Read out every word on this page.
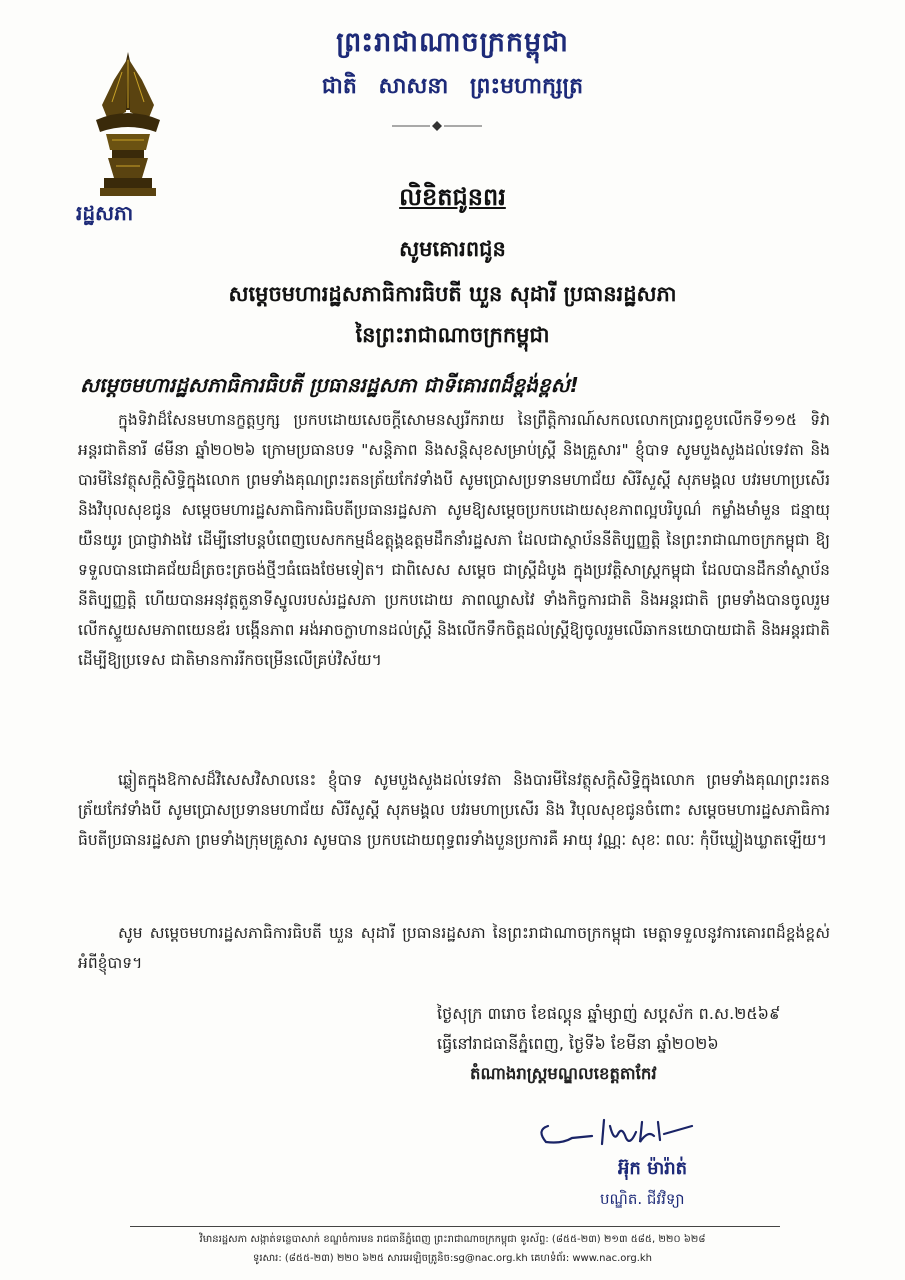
រដ្ឋសភា
ព្រះរាជាណាចក្រកម្ពុជា
ជាតិ សាសនា ព្រះមហាក្សត្រ
លិខិតជូនពរ
សូមគោរពជូន
សម្តេចមហារដ្ឋសភាធិការធិបតី ឃួន សុដារី ប្រធានរដ្ឋសភា
នៃព្រះរាជាណាចក្រកម្ពុជា
សម្តេចមហារដ្ឋសភាធិការធិបតី ប្រធានរដ្ឋសភា ជាទីគោរពដ៏ខ្ពង់ខ្ពស់!

ក្នុងទិវាដ៏សែនមហានក្ខត្តឫក្ស ប្រកបដោយសេចក្តីសោមនស្សរីករាយ នៃព្រឹត្តិការណ៍សកលលោកប្រារព្ធខួបលើកទី១១៥ ទិវាអន្តរជាតិនារី ៨មីនា ឆ្នាំ២០២៦ ក្រោមប្រធានបទ "សន្តិភាព និងសន្តិសុខសម្រាប់ស្ត្រី និងគ្រួសារ" ខ្ញុំបាទ សូមបួងសួងដល់ទេវតា និងបារមីនៃវត្ថុសក្តិសិទ្ធិក្នុងលោក ព្រមទាំងគុណព្រះរតនត្រ័យកែវទាំងបី សូមប្រោសប្រទានមហាជ័យ សិរីសួស្តី សុភមង្គល បវរមហាប្រសើរ និងវិបុលសុខជូន សម្តេចមហារដ្ឋសភាធិការធិបតីប្រធានរដ្ឋសភា សូមឱ្យសម្តេចប្រកបដោយសុខភាពល្អបរិបូណ៌ កម្លាំងមាំមួន ជន្មាយុ យឺនយូរ ប្រាជ្ញាវាងវៃ ដើម្បីនៅបន្តបំពេញបេសកកម្មដ៏ឧត្តុង្គឧត្តមដឹកនាំរដ្ឋសភា ដែលជាស្ថាប័ននីតិប្បញ្ញត្តិ នៃព្រះរាជាណាចក្រកម្ពុជា ឱ្យទទួលបានជោគជ័យដ៏ត្រចះត្រចង់ថ្មីៗធំធេងថែមទៀត។ ជាពិសេស សម្តេច ជាស្ត្រីដំបូង ក្នុងប្រវត្តិសាស្ត្រកម្ពុជា ដែលបានដឹកនាំស្ថាប័ននីតិប្បញ្ញត្តិ ហើយបានអនុវត្តតួនាទីស្នូលរបស់រដ្ឋសភា ប្រកបដោយ ភាពឈ្លាសវៃ ទាំងកិច្ចការជាតិ និងអន្តរជាតិ ព្រមទាំងបានចូលរួមលើកស្ទួយសមភាពយេនឌ័រ បង្កើនភាព អង់អាចក្លាហានដល់ស្ត្រី និងលើកទឹកចិត្តដល់ស្ត្រីឱ្យចូលរួមលើឆាកនយោបាយជាតិ និងអន្តរជាតិ ដើម្បីឱ្យប្រទេស ជាតិមានការរីកចម្រើនលើគ្រប់វិស័យ។

ឆ្លៀតក្នុងឱកាសដ៏វិសេសវិសាលនេះ ខ្ញុំបាទ សូមបួងសួងដល់ទេវតា និងបារមីនៃវត្ថុសក្តិសិទ្ធិក្នុងលោក ព្រមទាំងគុណព្រះរតនត្រ័យកែវទាំងបី សូមប្រោសប្រទានមហាជ័យ សិរីសួស្តី សុភមង្គល បវរមហាប្រសើរ និង វិបុលសុខជូនចំពោះ សម្តេចមហារដ្ឋសភាធិការធិបតីប្រធានរដ្ឋសភា ព្រមទាំងក្រុមគ្រួសារ សូមបាន ប្រកបដោយពុទ្ធពរទាំងបួនប្រការគឺ អាយុ វណ្ណៈ សុខៈ ពលៈ កុំបីឃ្លៀងឃ្លាតឡើយ។

សូម សម្តេចមហារដ្ឋសភាធិការធិបតី ឃួន សុដារី ប្រធានរដ្ឋសភា នៃព្រះរាជាណាចក្រកម្ពុជា មេត្តាទទួលនូវការគោរពដ៏ខ្ពង់ខ្ពស់អំពីខ្ញុំបាទ។

ថ្ងៃសុក្រ ៣រោច ខែផល្គុន ឆ្នាំម្សាញ់ សប្តស័ក ព.ស.២៥៦៩
ធ្វើនៅរាជធានីភ្នំពេញ, ថ្ងៃទី៦ ខែមីនា ឆ្នាំ២០២៦
តំណាងរាស្ត្រមណ្ឌលខេត្តតាកែវ
អ៊ុក ម៉ារ៉ាត់
បណ្ឌិត. ជីវវិទ្យា
វិមានរដ្ឋសភា សង្កាត់ទន្លេបាសាក់ ខណ្ឌចំការមន រាជធានីភ្នំពេញ ព្រះរាជាណាចក្រកម្ពុជា ទូរស័ព្ទ: (៨៥៥-២៣) ២១៣ ៥៨៥, ២២០ ៦២៨
ទូរសារ: (៨៥៥-២៣) ២២០ ៦២៥ សារអេឡិចត្រូនិច:sg@nac.org.kh គេហទំព័រ: www.nac.org.kh
